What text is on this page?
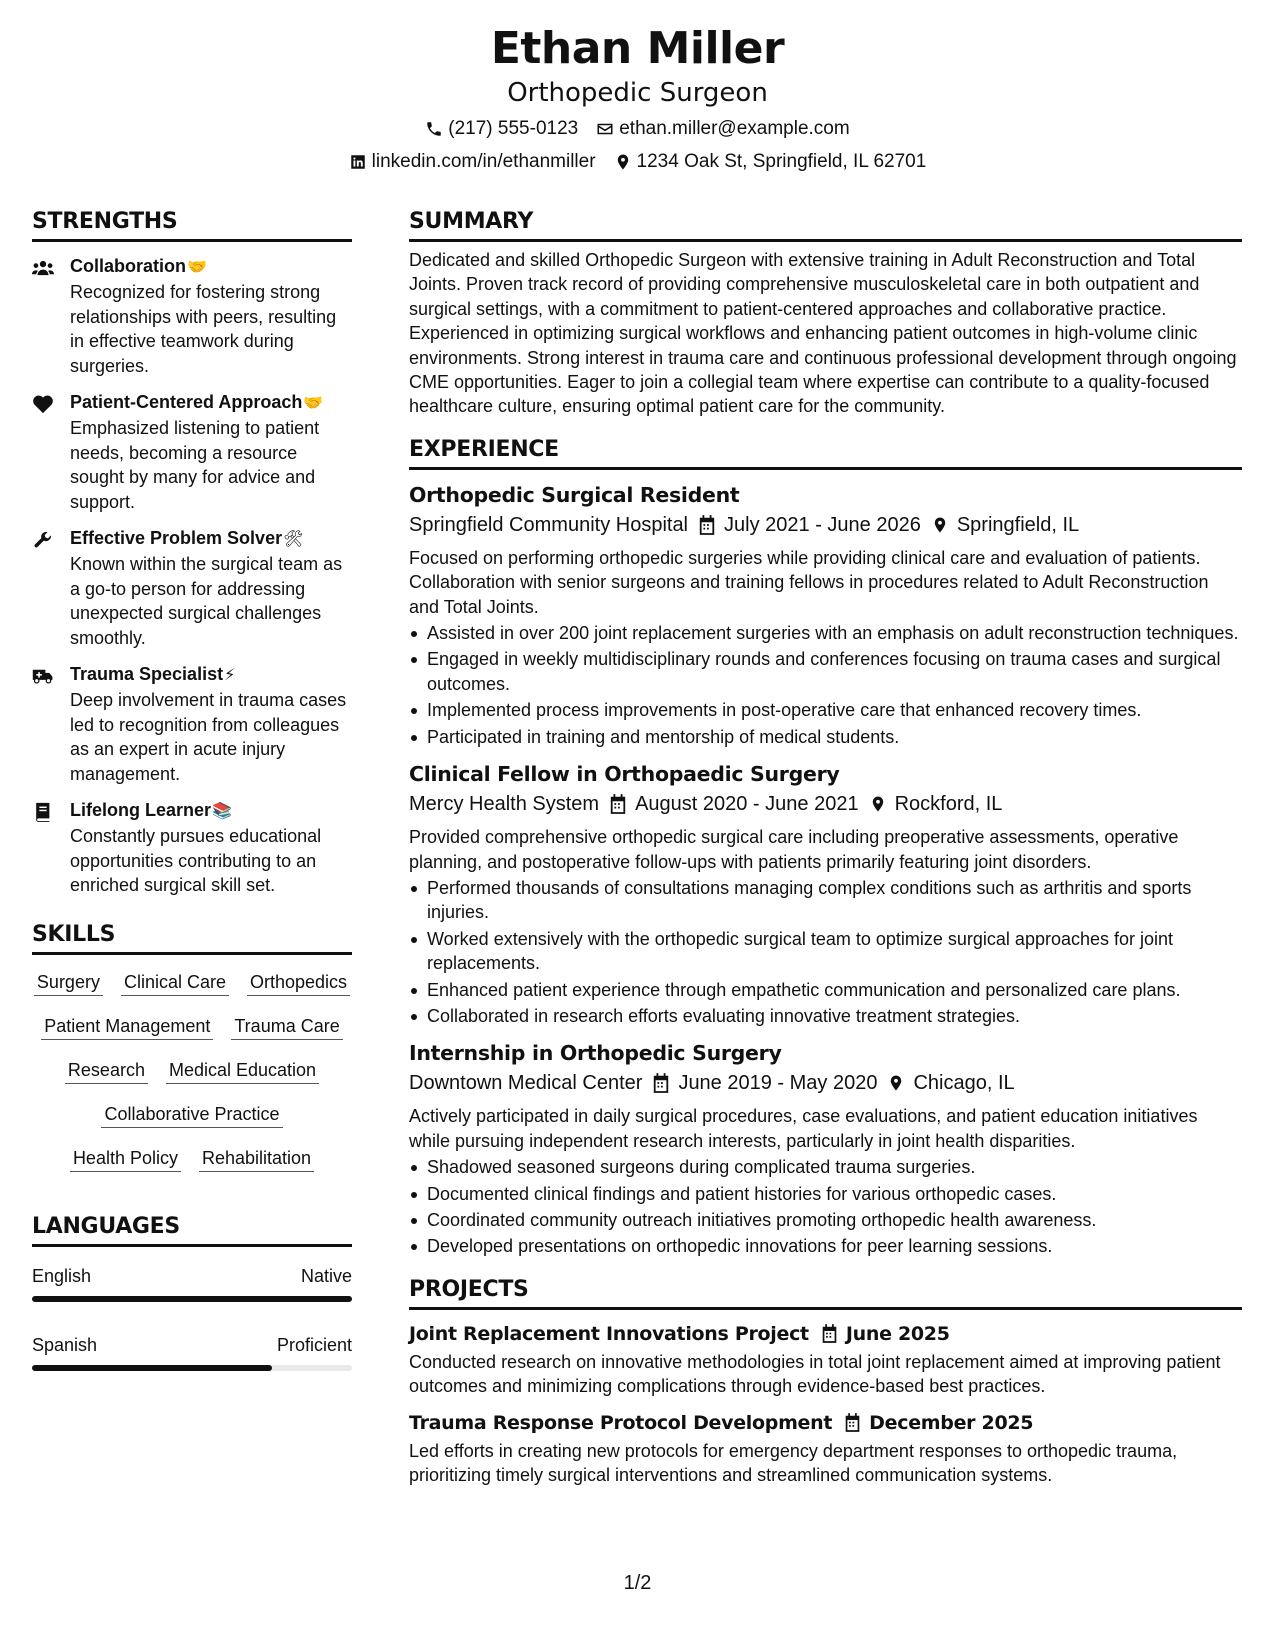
Ethan Miller
Orthopedic Surgeon
(217) 555-0123 ethan.miller@example.com
linkedin.com/in/ethanmiller 1234 Oak St, Springfield, IL 62701
STRENGTHS
Collaboration🤝
Recognized for fostering strong relationships with peers, resulting in effective teamwork during surgeries.
Patient-Centered Approach🤝
Emphasized listening to patient needs, becoming a resource sought by many for advice and support.
Effective Problem Solver🛠
Known within the surgical team as a go-to person for addressing unexpected surgical challenges smoothly.
Trauma Specialist⚡
Deep involvement in trauma cases led to recognition from colleagues as an expert in acute injury management.
Lifelong Learner📚
Constantly pursues educational opportunities contributing to an enriched surgical skill set.
SKILLS
Surgery Clinical Care Orthopedics
Patient Management Trauma Care
Research Medical Education
Collaborative Practice
Health Policy Rehabilitation
LANGUAGES
English	Native
Spanish	Proficient
SUMMARY
Dedicated and skilled Orthopedic Surgeon with extensive training in Adult Reconstruction and Total Joints. Proven track record of providing comprehensive musculoskeletal care in both outpatient and surgical settings, with a commitment to patient-centered approaches and collaborative practice. Experienced in optimizing surgical workflows and enhancing patient outcomes in high-volume clinic environments. Strong interest in trauma care and continuous professional development through ongoing CME opportunities. Eager to join a collegial team where expertise can contribute to a quality-focused healthcare culture, ensuring optimal patient care for the community.
EXPERIENCE
Orthopedic Surgical Resident
Springfield Community Hospital July 2021 - June 2026 Springfield, IL
Focused on performing orthopedic surgeries while providing clinical care and evaluation of patients. Collaboration with senior surgeons and training fellows in procedures related to Adult Reconstruction and Total Joints.
Assisted in over 200 joint replacement surgeries with an emphasis on adult reconstruction techniques.
Engaged in weekly multidisciplinary rounds and conferences focusing on trauma cases and surgical outcomes.
Implemented process improvements in post-operative care that enhanced recovery times.
Participated in training and mentorship of medical students.
Clinical Fellow in Orthopaedic Surgery
Mercy Health System August 2020 - June 2021 Rockford, IL
Provided comprehensive orthopedic surgical care including preoperative assessments, operative planning, and postoperative follow-ups with patients primarily featuring joint disorders.
Performed thousands of consultations managing complex conditions such as arthritis and sports injuries.
Worked extensively with the orthopedic surgical team to optimize surgical approaches for joint replacements.
Enhanced patient experience through empathetic communication and personalized care plans.
Collaborated in research efforts evaluating innovative treatment strategies.
Internship in Orthopedic Surgery
Downtown Medical Center June 2019 - May 2020 Chicago, IL
Actively participated in daily surgical procedures, case evaluations, and patient education initiatives while pursuing independent research interests, particularly in joint health disparities.
Shadowed seasoned surgeons during complicated trauma surgeries.
Documented clinical findings and patient histories for various orthopedic cases.
Coordinated community outreach initiatives promoting orthopedic health awareness.
Developed presentations on orthopedic innovations for peer learning sessions.
PROJECTS
Joint Replacement Innovations Project June 2025
Conducted research on innovative methodologies in total joint replacement aimed at improving patient outcomes and minimizing complications through evidence-based best practices.
Trauma Response Protocol Development December 2025
Led efforts in creating new protocols for emergency department responses to orthopedic trauma, prioritizing timely surgical interventions and streamlined communication systems.
1/2
